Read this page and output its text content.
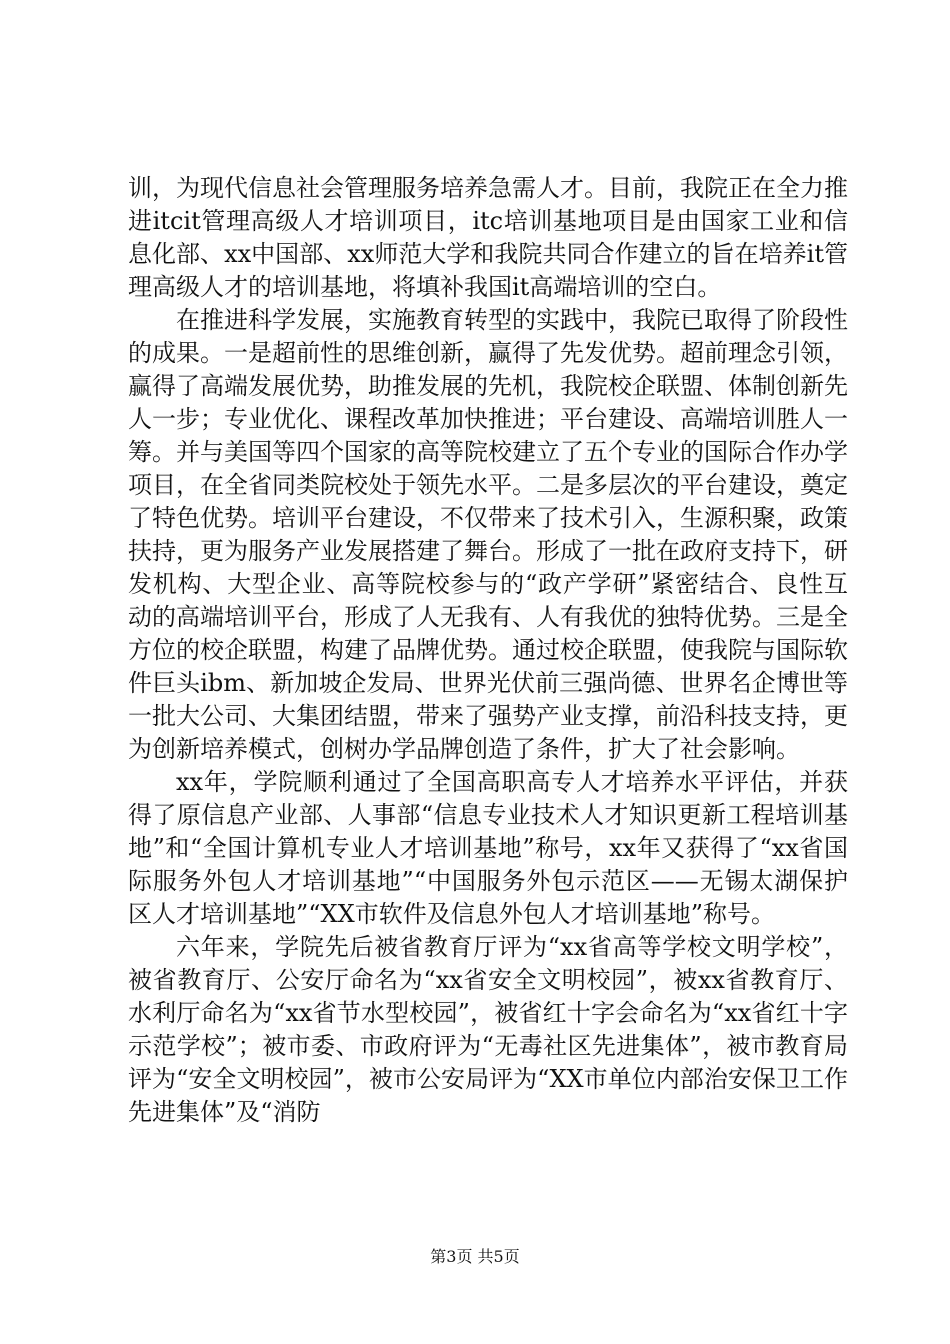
训，为现代信息社会管理服务培养急需人才。目前，我院正在全力推进itcit管理高级人才培训项目，itc培训基地项目是由国家工业和信息化部、xx中国部、xx师范大学和我院共同合作建立的旨在培养it管理高级人才的培训基地，将填补我国it高端培训的空白。

在推进科学发展，实施教育转型的实践中，我院已取得了阶段性的成果。一是超前性的思维创新，赢得了先发优势。超前理念引领，赢得了高端发展优势，助推发展的先机，我院校企联盟、体制创新先人一步；专业优化、课程改革加快推进；平台建设、高端培训胜人一筹。并与美国等四个国家的高等院校建立了五个专业的国际合作办学项目，在全省同类院校处于领先水平。二是多层次的平台建设，奠定了特色优势。培训平台建设，不仅带来了技术引入，生源积聚，政策扶持，更为服务产业发展搭建了舞台。形成了一批在政府支持下，研发机构、大型企业、高等院校参与的“政产学研”紧密结合、良性互动的高端培训平台，形成了人无我有、人有我优的独特优势。三是全方位的校企联盟，构建了品牌优势。通过校企联盟，使我院与国际软件巨头ibm、新加坡企发局、世界光伏前三强尚德、世界名企博世等一批大公司、大集团结盟，带来了强势产业支撑，前沿科技支持，更为创新培养模式，创树办学品牌创造了条件，扩大了社会影响。

xx年，学院顺利通过了全国高职高专人才培养水平评估，并获得了原信息产业部、人事部“信息专业技术人才知识更新工程培训基地”和“全国计算机专业人才培训基地”称号，xx年又获得了“xx省国际服务外包人才培训基地”“中国服务外包示范区——无锡太湖保护区人才培训基地”“XX市软件及信息外包人才培训基地”称号。

六年来，学院先后被省教育厅评为“xx省高等学校文明学校”，被省教育厅、公安厅命名为“xx省安全文明校园”，被xx省教育厅、水利厅命名为“xx省节水型校园”，被省红十字会命名为“xx省红十字示范学校”；被市委、市政府评为“无毒社区先进集体”，被市教育局评为“安全文明校园”，被市公安局评为“XX市单位内部治安保卫工作先进集体”及“消防

第3页 共5页
